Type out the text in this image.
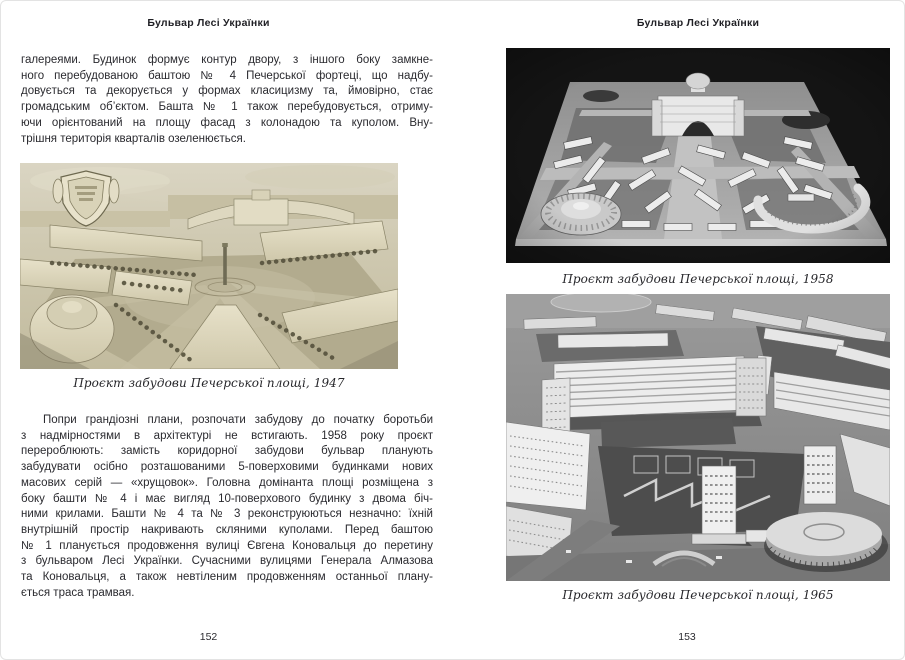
Бульвар Лесі Українки
галереями. Будинок формує контур двору, з іншого боку замкне-
ного перебудованою баштою № 4 Печерської фортеці, що надбу-
довується та декорується у формах класицизму та, ймовірно, стає
громадським об’єктом. Башта № 1 також перебудовується, отриму-
ючи орієнтований на площу фасад з колонадою та куполом. Вну-
трішня територія кварталів озеленюється.
Проєкт забудови Печерської площі, 1947
Попри грандіозні плани, розпочати забудову до початку боротьби
з надмірностями в архітектурі не встигають. 1958 року проєкт
перероблюють: замість коридорної забудови бульвар планують
забудувати осібно розташованими 5-поверховими будинками нових
масових серій — «хрущовок». Головна домінанта площі розміщена з
боку башти № 4 і має вигляд 10-поверхового будинку з двома біч-
ними крилами. Башти № 4 та № 3 реконструюються незначно: їхній
внутрішній простір накривають скляними куполами. Перед баштою
№ 1 планується продовження вулиці Євгена Коновальця до перетину
з бульваром Лесі Українки. Сучасними вулицями Генерала Алмазова
та Коновальця, а також невтіленим продовженням останньої плану-
ється траса трамвая.
152
Бульвар Лесі Українки
Проєкт забудови Печерської площі, 1958
Проєкт забудови Печерської площі, 1965
153
